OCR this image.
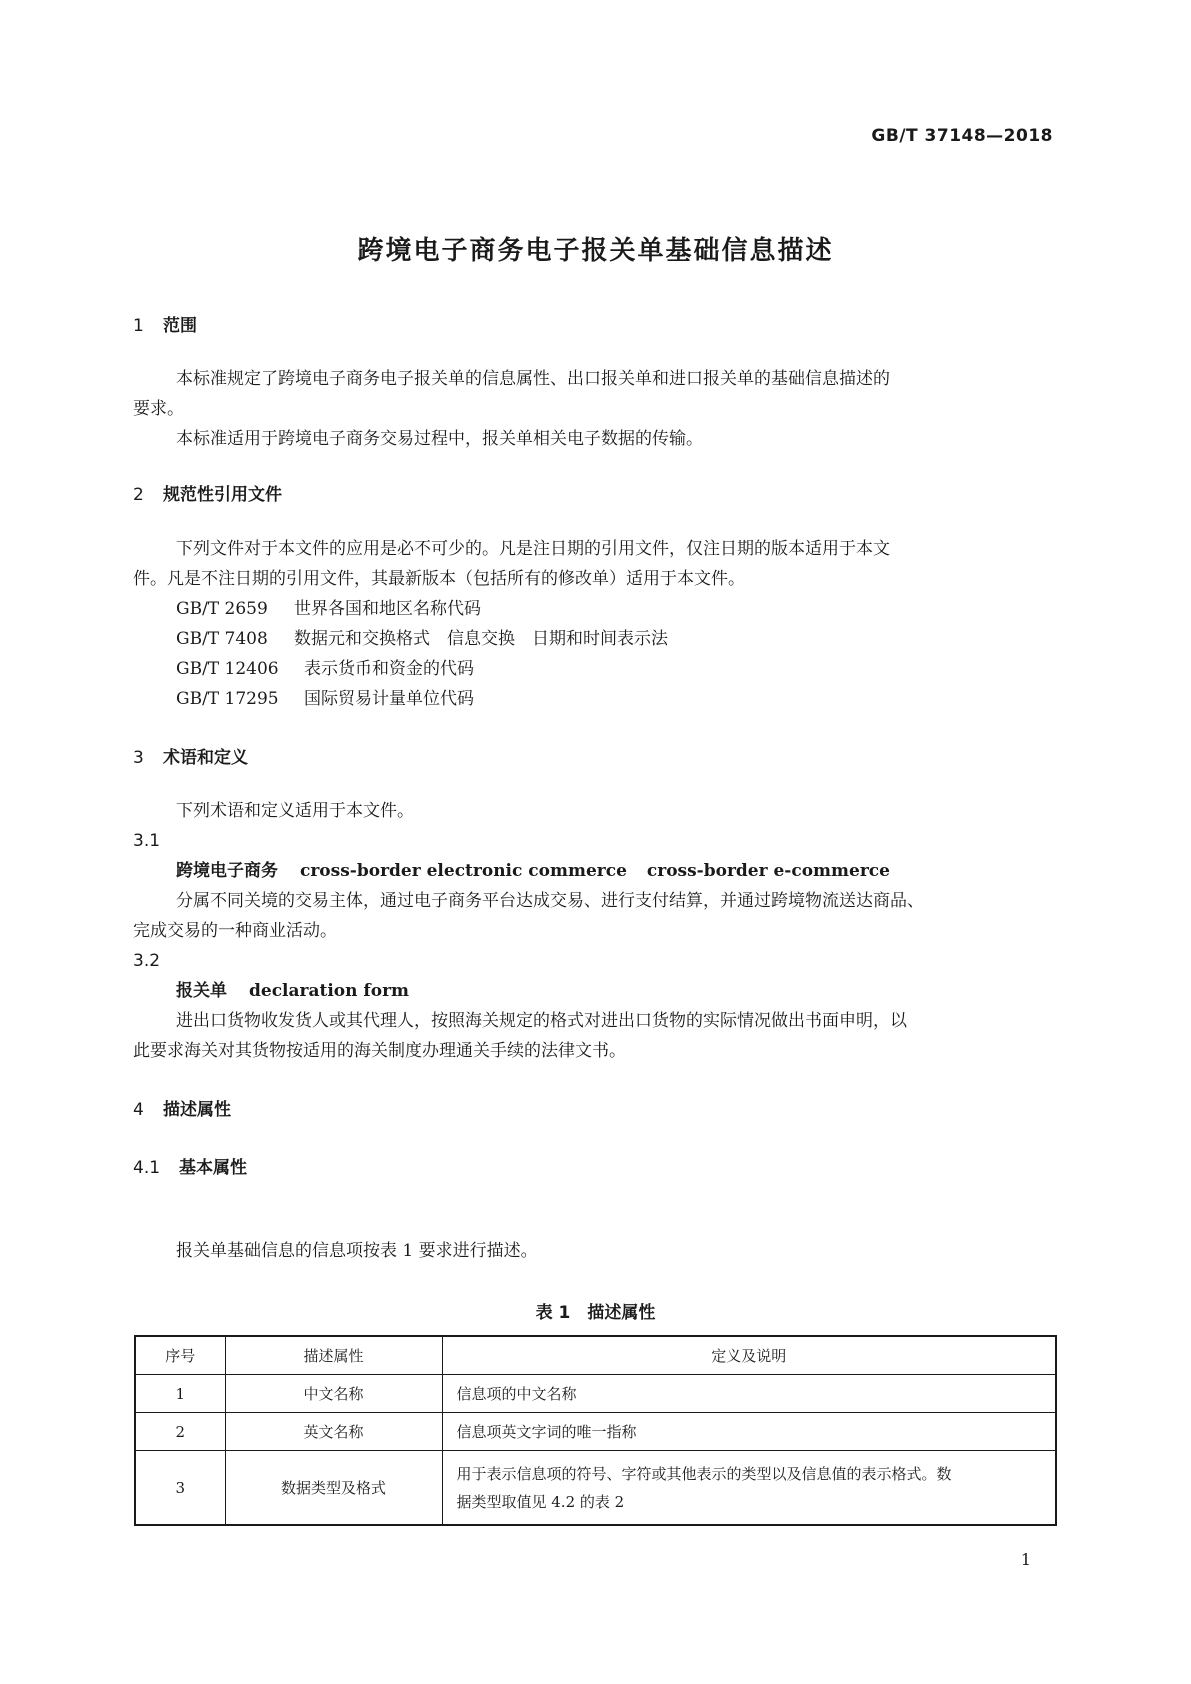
GB/T 37148—2018
跨境电子商务电子报关单基础信息描述
1 范围
本标准规定了跨境电子商务电子报关单的信息属性、出口报关单和进口报关单的基础信息描述的
要求。
本标准适用于跨境电子商务交易过程中，报关单相关电子数据的传输。
2 规范性引用文件
下列文件对于本文件的应用是必不可少的。凡是注日期的引用文件，仅注日期的版本适用于本文
件。凡是不注日期的引用文件，其最新版本（包括所有的修改单）适用于本文件。
GB/T 2659 世界各国和地区名称代码
GB/T 7408 数据元和交换格式　信息交换　日期和时间表示法
GB/T 12406 表示货币和资金的代码
GB/T 17295 国际贸易计量单位代码
3 术语和定义
下列术语和定义适用于本文件。
3.1
跨境电子商务 cross-border electronic commerce cross-border e-commerce
分属不同关境的交易主体，通过电子商务平台达成交易、进行支付结算，并通过跨境物流送达商品、
完成交易的一种商业活动。
3.2
报关单 declaration form
进出口货物收发货人或其代理人，按照海关规定的格式对进出口货物的实际情况做出书面申明，以
此要求海关对其货物按适用的海关制度办理通关手续的法律文书。
4 描述属性
4.1 基本属性
报关单基础信息的信息项按表 1 要求进行描述。
表 1　描述属性
序号	描述属性	定义及说明
1	中文名称	信息项的中文名称
2	英文名称	信息项英文字词的唯一指称
3	数据类型及格式	用于表示信息项的符号、字符或其他表示的类型以及信息值的表示格式。数
据类型取值见 4.2 的表 2
1
